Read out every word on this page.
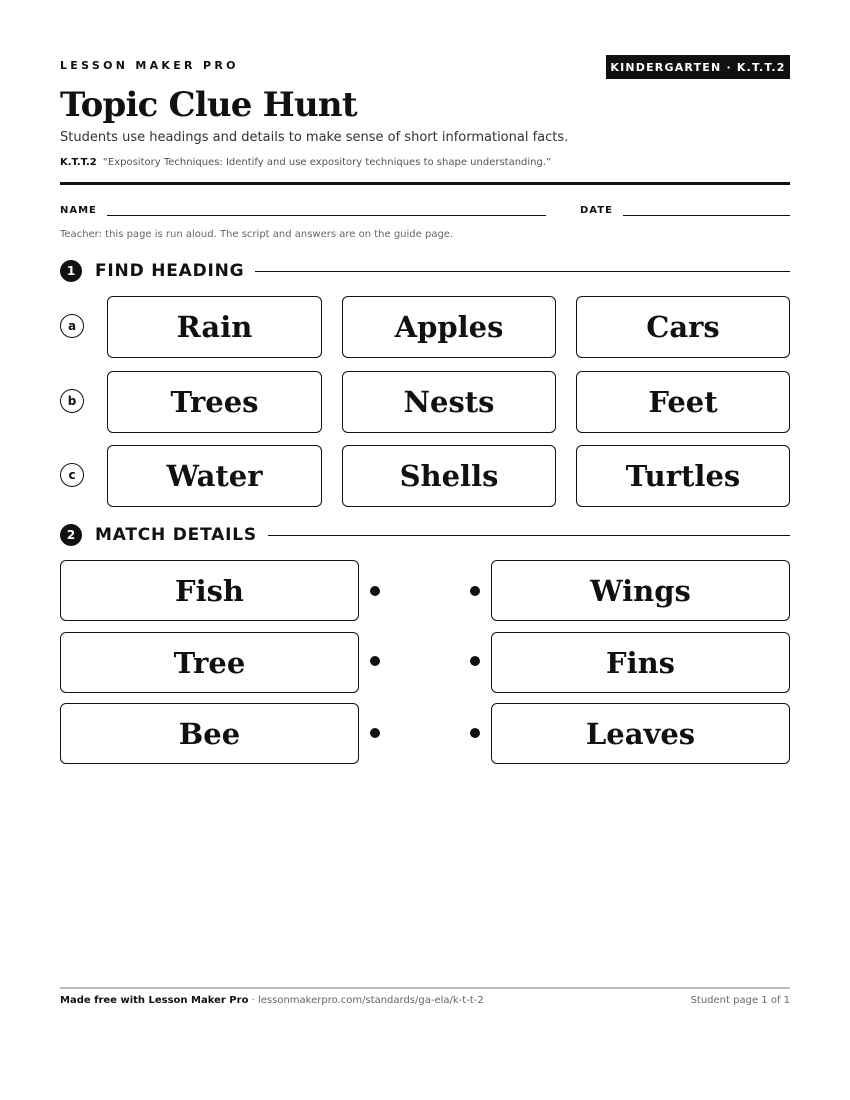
LESSON MAKER PRO	KINDERGARTEN · K.T.T.2
Topic Clue Hunt
Students use headings and details to make sense of short informational facts.
K.T.T.2 “Expository Techniques: Identify and use expository techniques to shape understanding.”
NAME	DATE
Teacher: this page is run aloud. The script and answers are on the guide page.
1	FIND HEADING
a	Rain	Apples	Cars
b	Trees	Nests	Feet
c	Water	Shells	Turtles
2	MATCH DETAILS
Fish	Wings
Tree	Fins
Bee	Leaves
Made free with Lesson Maker Pro · lessonmakerpro.com/standards/ga-ela/k-t-t-2	Student page 1 of 1
